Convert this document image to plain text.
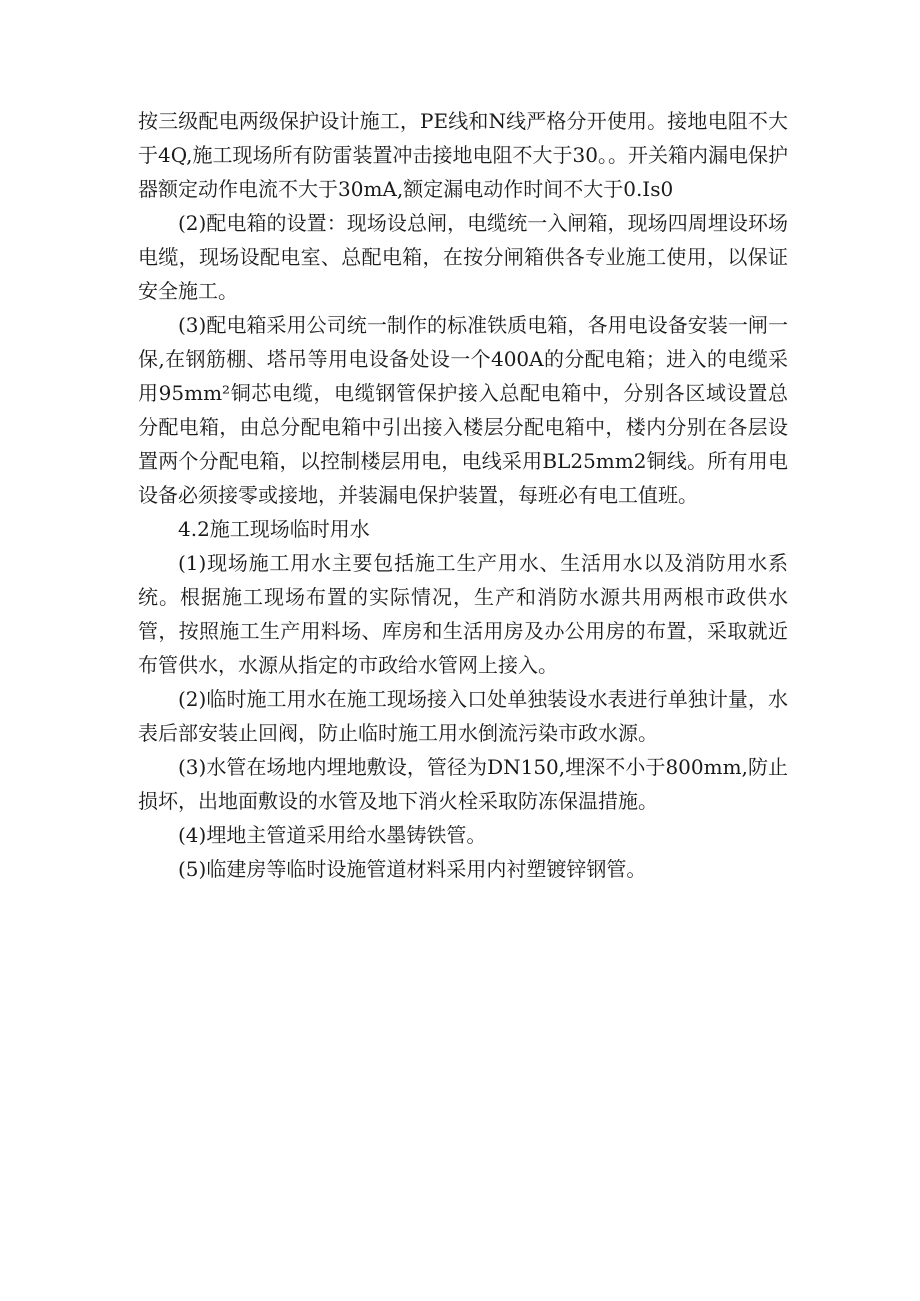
按三级配电两级保护设计施工，PE线和N线严格分开使用。接地电阻不大于4Q,施工现场所有防雷装置冲击接地电阻不大于30。。开关箱内漏电保护器额定动作电流不大于30mA,额定漏电动作时间不大于0.Is0

(2)配电箱的设置：现场设总闸，电缆统一入闸箱，现场四周埋设环场电缆，现场设配电室、总配电箱，在按分闸箱供各专业施工使用，以保证安全施工。

(3)配电箱采用公司统一制作的标准铁质电箱，各用电设备安装一闸一保,在钢筋棚、塔吊等用电设备处设一个400A的分配电箱；进入的电缆采用95mm²铜芯电缆，电缆钢管保护接入总配电箱中，分别各区域设置总分配电箱，由总分配电箱中引出接入楼层分配电箱中，楼内分别在各层设置两个分配电箱，以控制楼层用电，电线采用BL25mm2铜线。所有用电设备必须接零或接地，并装漏电保护装置，每班必有电工值班。

4.2施工现场临时用水

(1)现场施工用水主要包括施工生产用水、生活用水以及消防用水系统。根据施工现场布置的实际情况，生产和消防水源共用两根市政供水管，按照施工生产用料场、库房和生活用房及办公用房的布置，采取就近布管供水，水源从指定的市政给水管网上接入。

(2)临时施工用水在施工现场接入口处单独装设水表进行单独计量，水表后部安装止回阀，防止临时施工用水倒流污染市政水源。

(3)水管在场地内埋地敷设，管径为DN150,埋深不小于800mm,防止损坏，出地面敷设的水管及地下消火栓采取防冻保温措施。

(4)埋地主管道采用给水墨铸铁管。

(5)临建房等临时设施管道材料采用内衬塑镀锌钢管。
